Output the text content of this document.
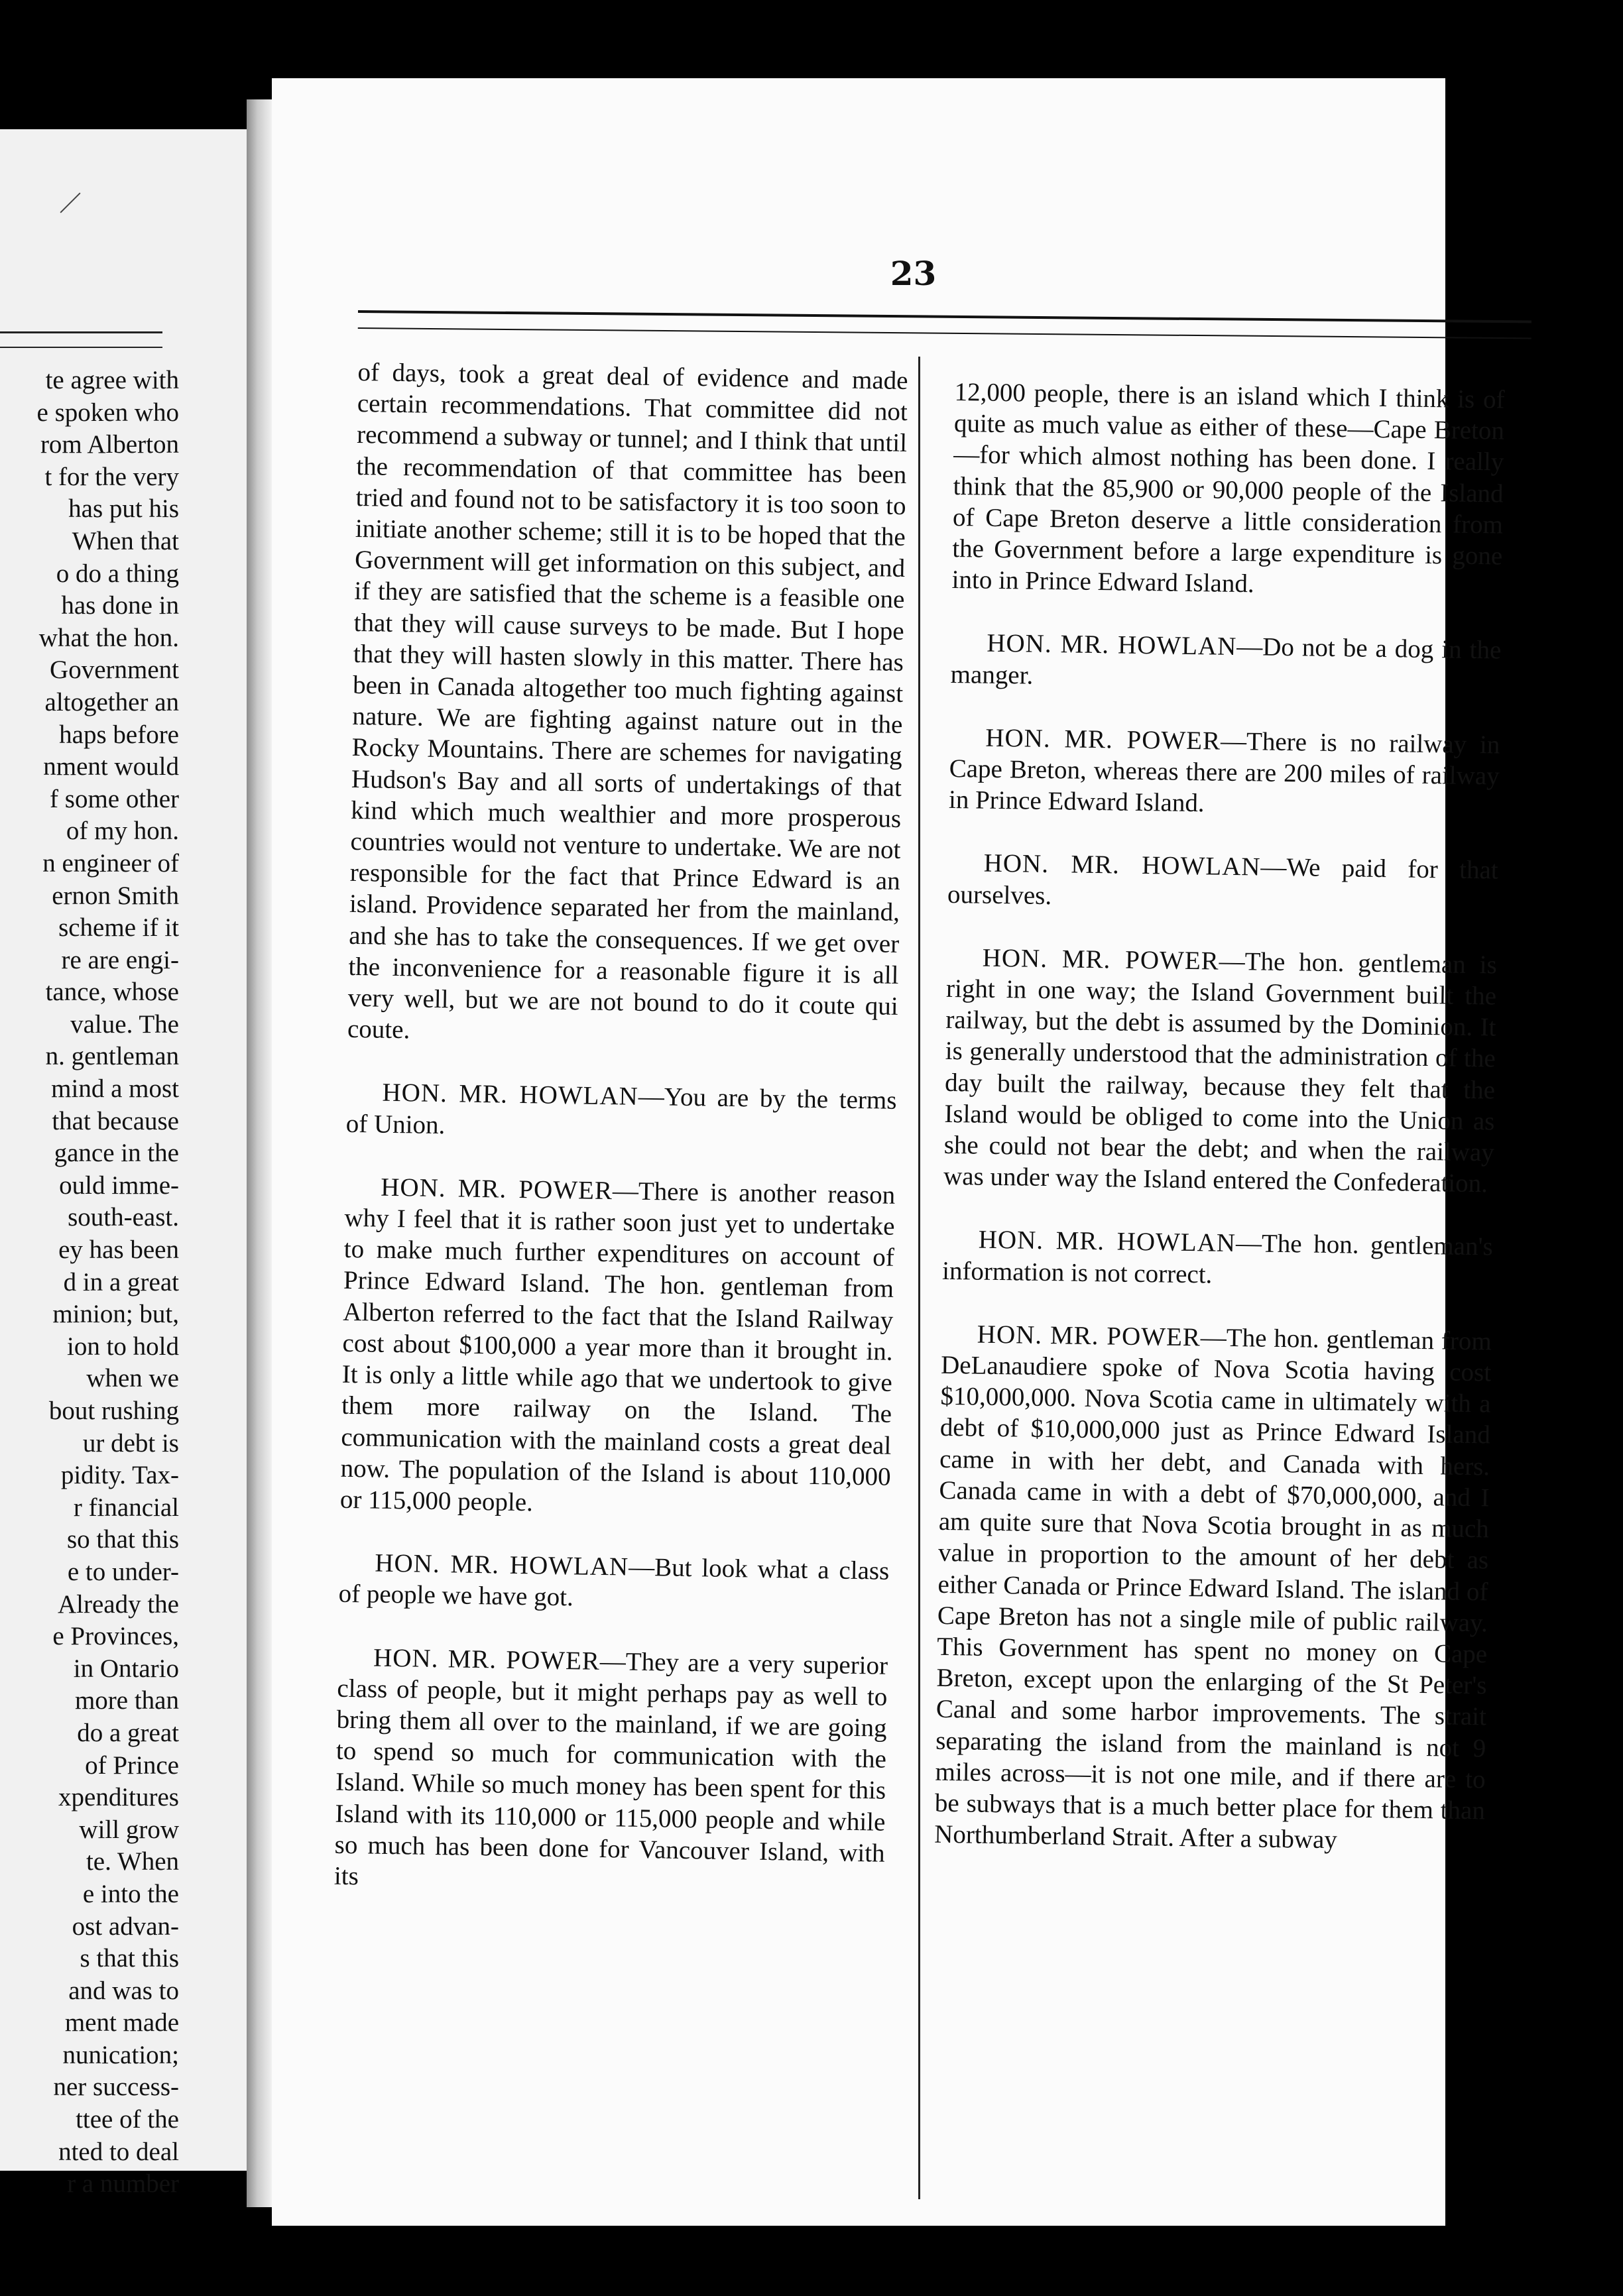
te agree with
e spoken who
rom Alberton
t for the very
has put his
When that
o do a thing
has done in
what the hon.
Government
altogether an
haps before
nment would
f some other
of my hon.
n engineer of
ernon Smith
scheme if it
re are engi-
tance, whose
value. The
n. gentleman
mind a most
that because
gance in the
ould imme-
south-east.
ey has been
d in a great
minion; but,
ion to hold
when we
bout rushing
ur debt is
pidity. Tax-
r financial
so that this
e to under-
Already the
e Provinces,
in Ontario
more than
do a great
of Prince
xpenditures
will grow
te. When
e into the
ost advan-
s that this
and was to
ment made
nunication;
ner success-
ttee of the
nted to deal
r a number
23

of days, took a great deal of evidence and made certain recommendations. That committee did not recommend a subway or tunnel; and I think that until the recommendation of that committee has been tried and found not to be satisfactory it is too soon to initiate another scheme; still it is to be hoped that the Government will get information on this subject, and if they are satisfied that the scheme is a feasible one that they will cause surveys to be made. But I hope that they will hasten slowly in this matter. There has been in Canada altogether too much fighting against nature. We are fighting against nature out in the Rocky Mountains. There are schemes for navigating Hudson's Bay and all sorts of undertakings of that kind which much wealthier and more prosperous countries would not venture to undertake. We are not responsible for the fact that Prince Edward is an island. Providence separated her from the mainland, and she has to take the consequences. If we get over the inconvenience for a reasonable figure it is all very well, but we are not bound to do it coute qui coute.

HON. MR. HOWLAN—You are by the terms of Union.

HON. MR. POWER—There is another reason why I feel that it is rather soon just yet to undertake to make much further expenditures on account of Prince Edward Island. The hon. gentleman from Alberton referred to the fact that the Island Railway cost about $100,000 a year more than it brought in. It is only a little while ago that we undertook to give them more railway on the Island. The communication with the mainland costs a great deal now. The population of the Island is about 110,000 or 115,000 people.

HON. MR. HOWLAN—But look what a class of people we have got.

HON. MR. POWER—They are a very superior class of people, but it might perhaps pay as well to bring them all over to the mainland, if we are going to spend so much for communication with the Island. While so much money has been spent for this Island with its 110,000 or 115,000 people and while so much has been done for Vancouver Island, with its

12,000 people, there is an island which I think is of quite as much value as either of these—Cape Breton—for which almost nothing has been done. I really think that the 85,900 or 90,000 people of the Island of Cape Breton deserve a little consideration from the Government before a large expenditure is gone into in Prince Edward Island.

HON. MR. HOWLAN—Do not be a dog in the manger.

HON. MR. POWER—There is no railway in Cape Breton, whereas there are 200 miles of railway in Prince Edward Island.

HON. MR. HOWLAN—We paid for that ourselves.

HON. MR. POWER—The hon. gentleman is right in one way; the Island Government built the railway, but the debt is assumed by the Dominion. It is generally understood that the administration of the day built the railway, because they felt that the Island would be obliged to come into the Union as she could not bear the debt; and when the railway was under way the Island entered the Confederation.

HON. MR. HOWLAN—The hon. gentleman's information is not correct.

HON. MR. POWER—The hon. gentleman from DeLanaudiere spoke of Nova Scotia having cost $10,000,000. Nova Scotia came in ultimately with a debt of $10,000,000 just as Prince Edward Island came in with her debt, and Canada with hers. Canada came in with a debt of $70,000,000, and I am quite sure that Nova Scotia brought in as much value in proportion to the amount of her debt as either Canada or Prince Edward Island. The island of Cape Breton has not a single mile of public railway. This Government has spent no money on Cape Breton, except upon the enlarging of the St Peter's Canal and some harbor improvements. The strait separating the island from the mainland is not 9 miles across—it is not one mile, and if there are to be subways that is a much better place for them than Northumberland Strait. After a subway
